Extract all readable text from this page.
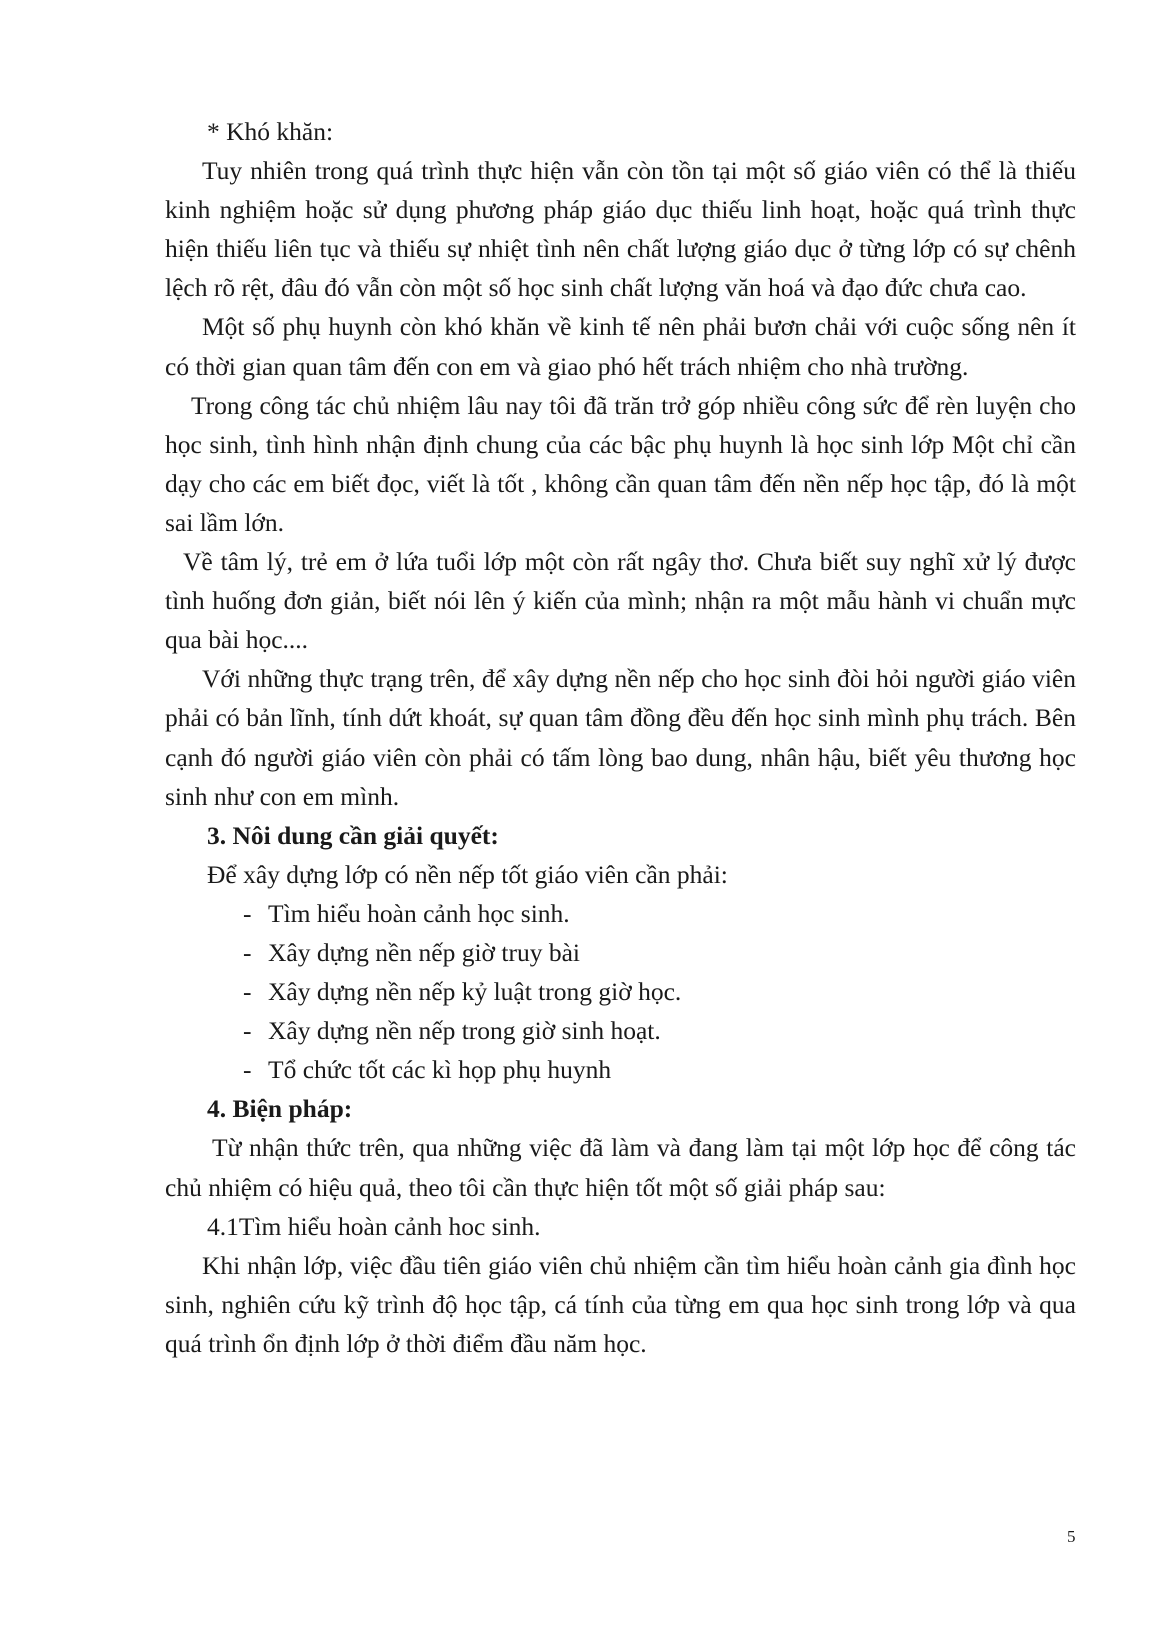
* Khó khăn:

Tuy nhiên trong quá trình thực hiện vẫn còn tồn tại một số giáo viên có thể là thiếu kinh nghiệm hoặc sử dụng phương pháp giáo dục thiếu linh hoạt, hoặc quá trình thực hiện thiếu liên tục và thiếu sự nhiệt tình nên chất lượng giáo dục ở từng lớp có sự chênh lệch rõ rệt, đâu đó vẫn còn một số học sinh chất lượng văn hoá và đạo đức chưa cao.

Một số phụ huynh còn khó khăn về kinh tế nên phải bươn chải với cuộc sống nên ít có thời gian quan tâm đến con em và giao phó hết trách nhiệm cho nhà trường.

Trong công tác chủ nhiệm lâu nay tôi đã trăn trở góp nhiều công sức để rèn luyện cho học sinh, tình hình nhận định chung của các bậc phụ huynh là học sinh lớp Một chỉ cần dạy cho các em biết đọc, viết là tốt , không cần quan tâm đến nền nếp học tập, đó là một sai lầm lớn.

Về tâm lý, trẻ em ở lứa tuổi lớp một còn rất ngây thơ. Chưa biết suy nghĩ xử lý được tình huống đơn giản, biết nói lên ý kiến của mình; nhận ra một mẫu hành vi chuẩn mực qua bài học....

Với những thực trạng trên, để xây dựng nền nếp cho học sinh đòi hỏi người giáo viên phải có bản lĩnh, tính dứt khoát, sự quan tâm đồng đều đến học sinh mình phụ trách. Bên cạnh đó người giáo viên còn phải có tấm lòng bao dung, nhân hậu, biết yêu thương học sinh như con em mình.

3. Nôi dung cần giải quyết:

Để xây dựng lớp có nền nếp tốt giáo viên cần phải:

- Tìm hiểu hoàn cảnh học sinh.
- Xây dựng nền nếp giờ truy bài
- Xây dựng nền nếp kỷ luật trong giờ học.
- Xây dựng nền nếp trong giờ sinh hoạt.
- Tổ chức tốt các kì họp phụ huynh

4. Biện pháp:

Từ nhận thức trên, qua những việc đã làm và đang làm tại một lớp học để công tác chủ nhiệm có hiệu quả, theo tôi cần thực hiện tốt một số giải pháp sau:

4.1Tìm hiểu hoàn cảnh hoc sinh.

Khi nhận lớp, việc đầu tiên giáo viên chủ nhiệm cần tìm hiểu hoàn cảnh gia đình học sinh, nghiên cứu kỹ trình độ học tập, cá tính của từng em qua học sinh trong lớp và qua quá trình ổn định lớp ở thời điểm đầu năm học.

5
